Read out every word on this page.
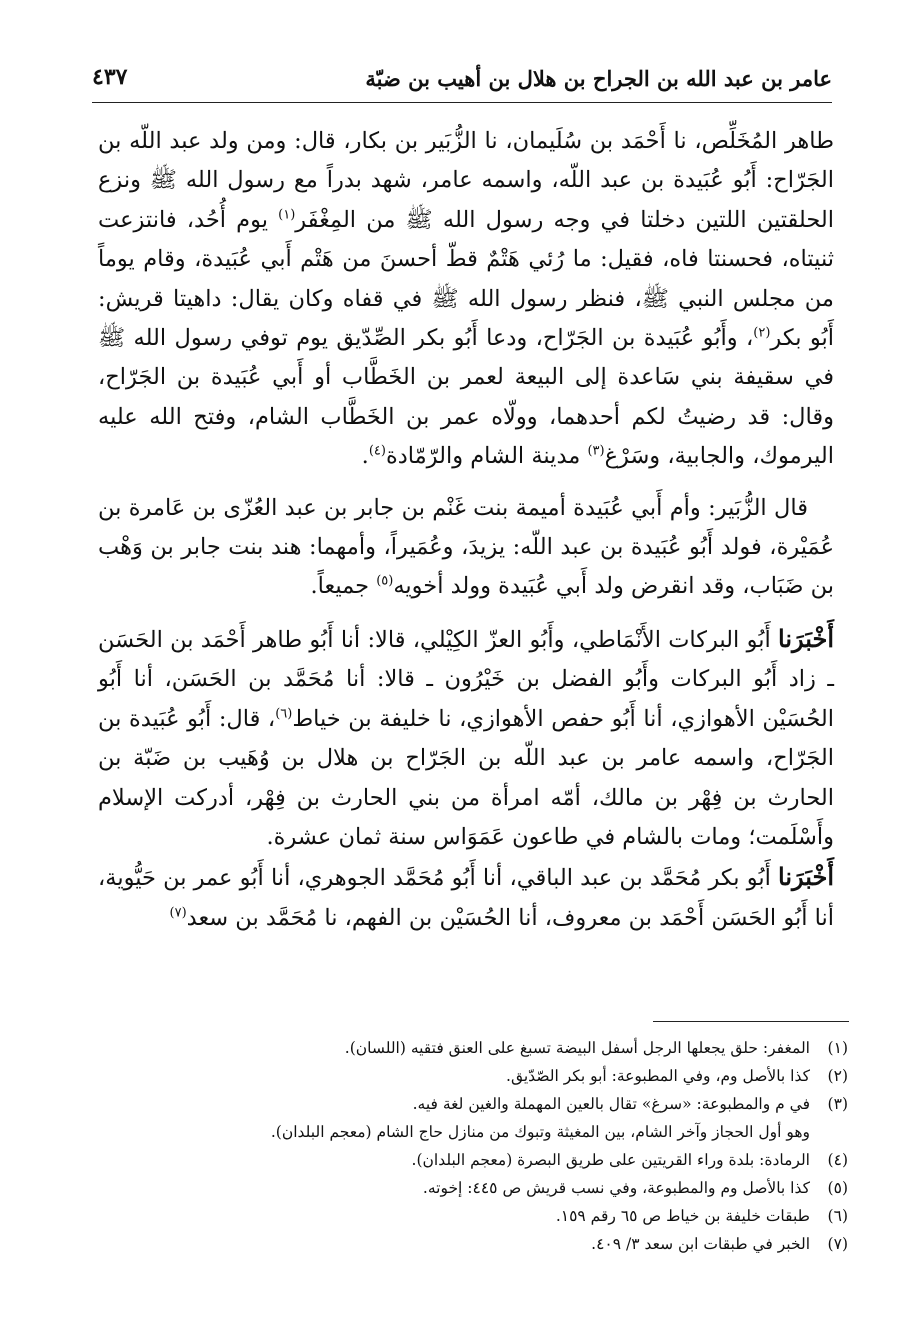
عامر بن عبد الله بن الجراح بن هلال بن أهيب بن ضبّة
٤٣٧

طاهر المُخَلِّص، نا أَحْمَد بن سُلَيمان، نا الزُّبَير بن بكار، قال: ومن ولد عبد اللّه بن الجَرّاح: أَبُو عُبَيدة بن عبد اللّه، واسمه عامر، شهد بدراً مع رسول الله ﷺ ونزع الحلقتين اللتين دخلتا في وجه رسول الله ﷺ من المِغْفَر$^{(١)}$ يوم أُحُد، فانتزعت ثنيتاه، فحسنتا فاه، فقيل: ما رُئي هَتْمٌ قطّ أحسنَ من هَتْم أَبي عُبَيدة، وقام يوماً من مجلس النبي ﷺ، فنظر رسول الله ﷺ في قفاه وكان يقال: داهيتا قريش: أَبُو بكر$^{(٢)}$، وأَبُو عُبَيدة بن الجَرّاح، ودعا أَبُو بكر الصِّدّيق يوم توفي رسول الله ﷺ في سقيفة بني سَاعدة إلى البيعة لعمر بن الخَطَّاب أو أَبي عُبَيدة بن الجَرّاح، وقال: قد رضيتُ لكم أحدهما، وولّاه عمر بن الخَطَّاب الشام، وفتح الله عليه اليرموك، والجابية، وسَرْغ$^{(٣)}$ مدينة الشام والرّمّادة$^{(٤)}$.

قال الزُّبَير: وأم أَبي عُبَيدة أميمة بنت غَنْم بن جابر بن عبد العُزّى بن عَامرة بن عُمَيْرة، فولد أَبُو عُبَيدة بن عبد اللّه: يزيدَ، وعُمَيراً، وأمهما: هند بنت جابر بن وَهْب بن ضَبَاب، وقد انقرض ولد أَبي عُبَيدة وولد أخويه$^{(٥)}$ جميعاً.

أَخْبَرَنا أَبُو البركات الأَنْمَاطي، وأَبُو العزّ الكِيْلي، قالا: أنا أَبُو طاهر أَحْمَد بن الحَسَن ـ زاد أَبُو البركات وأَبُو الفضل بن خَيْرُون ـ قالا: أنا مُحَمَّد بن الحَسَن، أنا أَبُو الحُسَيْن الأهوازي، أنا أَبُو حفص الأهوازي، نا خليفة بن خياط$^{(٦)}$، قال: أَبُو عُبَيدة بن الجَرّاح، واسمه عامر بن عبد اللّه بن الجَرّاح بن هلال بن وُهَيب بن ضَبّة بن الحارث بن فِهْر بن مالك، أمّه امرأة من بني الحارث بن فِهْر، أدركت الإسلام وأَسْلَمت؛ ومات بالشام في طاعون عَمَوَاس سنة ثمان عشرة.

أَخْبَرَنا أَبُو بكر مُحَمَّد بن عبد الباقي، أنا أَبُو مُحَمَّد الجوهري، أنا أَبُو عمر بن حَيُّوية، أنا أَبُو الحَسَن أَحْمَد بن معروف، أنا الحُسَيْن بن الفهم، نا مُحَمَّد بن سعد$^{(٧)}$

(١)
المغفر: حلق يجعلها الرجل أسفل البيضة تسبغ على العنق فتقيه (اللسان).
(٢)
كذا بالأصل وم، وفي المطبوعة: أبو بكر الصّدّيق.
(٣)
في م والمطبوعة: «سرغ» تقال بالعين المهملة والغين لغة فيه.
وهو أول الحجاز وآخر الشام، بين المغيثة وتبوك من منازل حاج الشام (معجم البلدان).
(٤)
الرمادة: بلدة وراء القريتين على طريق البصرة (معجم البلدان).
(٥)
كذا بالأصل وم والمطبوعة، وفي نسب قريش ص ٤٤٥: إخوته.
(٦)
طبقات خليفة بن خياط ص ٦٥ رقم ١٥٩.
(٧)
الخبر في طبقات ابن سعد ٣/ ٤٠٩.
